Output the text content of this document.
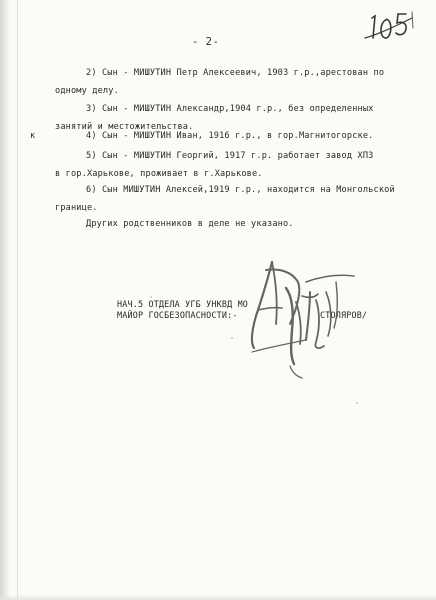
- 2-
к
2) Сын - МИШУТИН Петр Алексеевич, 1903 г.р.,арестован по
одному делу.
3) Сын - МИШУТИН Александр,1904 г.р., без определенных
занятий и местожительства.
4) Сын - МИШУТИН Иван, 1916 г.р., в гор.Магнитогорске.
5) Сын - МИШУТИН Георгий, 1917 г.р. работает завод ХПЗ
в гор.Харькове, проживает в г.Харькове.
6) Сын МИШУТИН Алексей,1919 г.р., находится на Монгольской
границе.
Других родственников в деле не указано.
НАЧ.5 ОТДЕЛА УГБ УНКВД МО
МАЙОР ГОСБЕЗОПАСНОСТИ:-	СТОЛЯРОВ/
